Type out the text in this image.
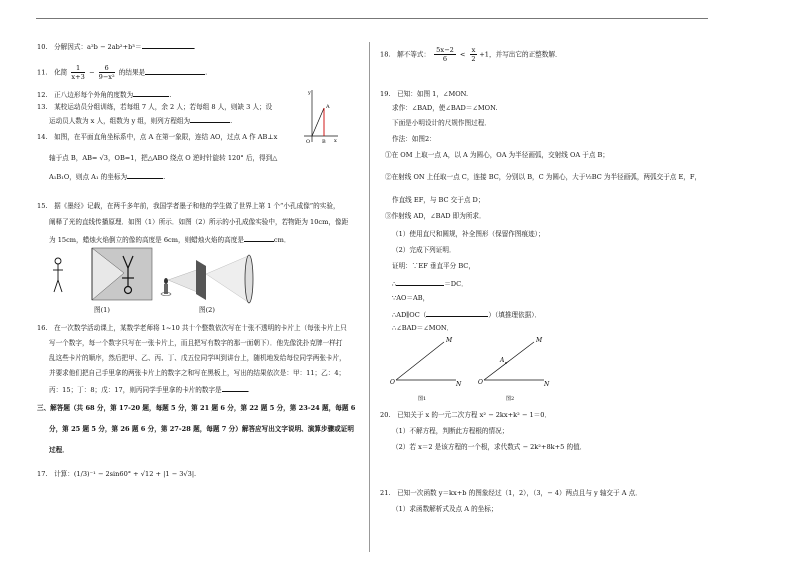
10.　分解因式：a²b − 2ab²+b³＝	.
11.　化简 $\frac{1}{x+3} - \frac{6}{\text{9−x²}}$ 的结果是	.
12.　正八边形每个外角的度数为	.
13.　某校运动员分组训练，若每组 7 人，余 2 人；若每组 8 人，则缺 3 人；设
运动员人数为 x 人，组数为 y 组，则列方程组为	.
14.　如图，在平面直角坐标系中，点 A 在第一象限，连结 AO，过点 A 作 AB⊥x
轴于点 B，AB= √3，OB=1，把△ABO 绕点 O 逆时针旋转 120° 后，得到△
A₁B₁O，则点 A₁ 的坐标为	.
y
x
O B
A
15.　据《墨经》记载，在两千多年前，我国学者墨子和他的学生做了世界上第 1 个“小孔成像”的实验，
阐释了光的直线传播原理．如图（1）所示．如图（2）所示的小孔成像实验中，若物距为 10cm，像距
为 15cm，蜡烛火焰倒立的像的高度是 6cm，则蜡烛火焰的高度是	cm．
图(1)	图(2)
16.　在一次数学活动课上，某数学老师将 1~10 共十个整数依次写在十张不透明的卡片上（每张卡片上只
写一个数字，每一个数字只写在一张卡片上，而且把写有数字的那一面朝下）．他先像洗扑克牌一样打
乱这些卡片的顺序，然后把甲、乙、丙、丁、戊五位同学叫到讲台上，随机地发给每位同学两张卡片，
并要求他们把自己手里拿的两张卡片上的数字之和写在黑板上，写出的结果依次是：甲：11；乙：4；
丙：15；丁：8；戊：17，则丙同学手里拿的卡片的数字是	.
三、解答题（共 68 分，第 17-20 题，每题 5 分，第 21 题 6 分，第 22 题 5 分，第 23-24 题，每题 6
分，第 25 题 5 分，第 26 题 6 分，第 27-28 题，每题 7 分）解答应写出文字说明、演算步骤或证明
过程．
17.　计算：(1/3)⁻¹ − 2sin60° + √12 + |1 − 3√3|.
18.　解不等式： $\frac{5x-2}{6} < \frac{x}{2} +1$，并写出它的正整数解．
19.　已知：如图 1，∠MON.
求作：∠BAD，使∠BAD＝∠MON.
下面是小明设计的尺规作图过程．
作法：如图2：
①在 OM 上取一点 A，以 A 为圆心，OA 为半径画弧，交射线 OA 于点 B；
②在射线 ON 上任取一点 C，连接 BC，分别以 B，C 为圆心，大于½BC 为半径画弧，两弧交于点 E，F，
作直线 EF，与 BC 交于点 D；
③作射线 AD，∠BAD 即为所求．
（1）使用直尺和圆规，补全图形（保留作图痕迹）；
（2）完成下列证明．
证明：∵EF 垂直平分 BC，
∴	＝DC．
∵AO＝AB，
∴AD∥OC（	）（填推理依据）．
∴∠BAD＝∠MON．
O	N
M
图1
O	N
M
A
图2
20.　已知关于 x 的一元二次方程 x² − 2kx+k² − 1＝0．
（1）不解方程，判断此方程根的情况；
（2）若 x＝2 是该方程的一个根，求代数式 − 2k²+8k+5 的值．
21.　已知一次函数 y＝kx+b 的图象经过（1，2），（3，− 4）两点且与 y 轴交于 A 点．
（1）求函数解析式及点 A 的坐标；
